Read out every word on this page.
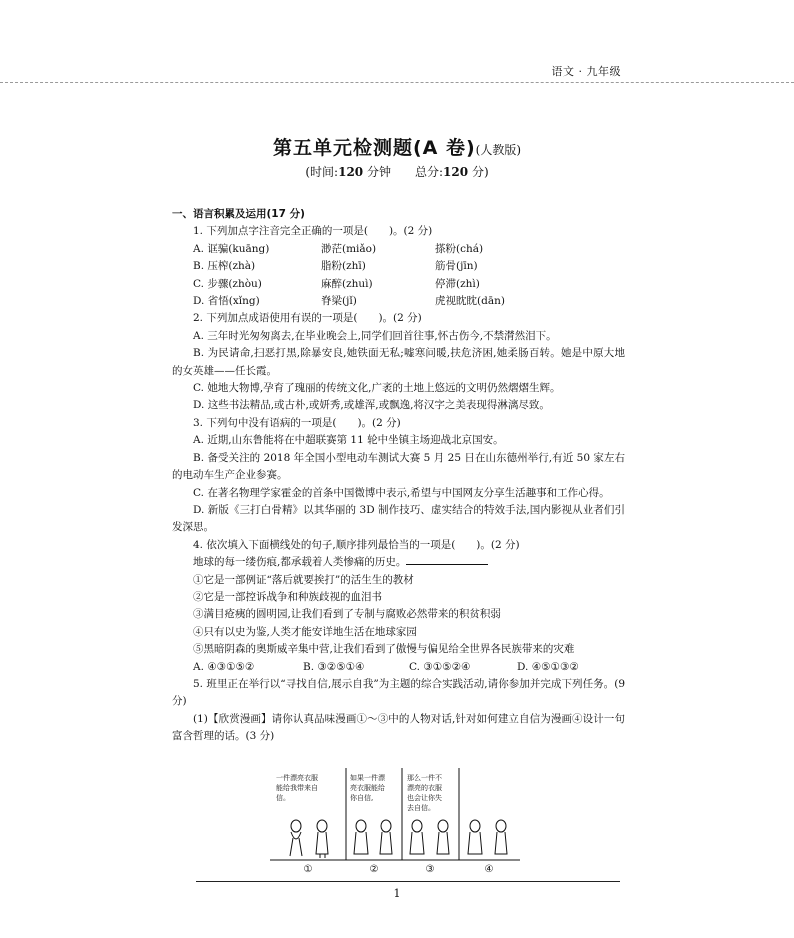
语文 · 九年级
第五单元检测题(A 卷)(人教版)
(时间:120 分钟   总分:120 分)
一、语言积累及运用(17 分)

1. 下列加点字注音完全正确的一项是(　　)。(2 分)

A. 诓骗(kuāng)	渺茫(miǎo)	搽粉(chá)
B. 压榨(zhà)	脂粉(zhī)	筋骨(jīn)
C. 步骤(zhòu)	麻醉(zhuì)	停滞(zhì)
D. 省悟(xǐng)	脊梁(jǐ)	虎视眈眈(dān)

2. 下列加点成语使用有误的一项是(　　)。(2 分)

A. 三年时光匆匆离去,在毕业晚会上,同学们回首往事,怀古伤今,不禁潸然泪下。

B. 为民请命,扫恶打黑,除暴安良,她铁面无私;嘘寒问暖,扶危济困,她柔肠百转。她是中原大地的女英雄——任长霞。

C. 她地大物博,孕育了瑰丽的传统文化,广袤的土地上悠远的文明仍然熠熠生辉。

D. 这些书法精品,或古朴,或妍秀,或雄浑,或飘逸,将汉字之美表现得淋漓尽致。

3. 下列句中没有语病的一项是(　　)。(2 分)

A. 近期,山东鲁能将在中超联赛第 11 轮中坐镇主场迎战北京国安。

B. 备受关注的 2018 年全国小型电动车测试大赛 5 月 25 日在山东德州举行,有近 50 家左右的电动车生产企业参赛。

C. 在著名物理学家霍金的首条中国微博中表示,希望与中国网友分享生活趣事和工作心得。

D. 新版《三打白骨精》以其华丽的 3D 制作技巧、虚实结合的特效手法,国内影视从业者们引发深思。

4. 依次填入下面横线处的句子,顺序排列最恰当的一项是(　　)。(2 分)

地球的每一缕伤痕,都承载着人类惨痛的历史。

①它是一部例证“落后就要挨打”的活生生的教材

②它是一部控诉战争和种族歧视的血泪书

③满目疮痍的圆明园,让我们看到了专制与腐败必然带来的积贫积弱

④只有以史为鉴,人类才能安详地生活在地球家园

⑤黑暗阴森的奥斯威辛集中营,让我们看到了傲慢与偏见给全世界各民族带来的灾难

A. ④③①⑤②	B. ③②⑤①④	C. ③①⑤②④	D. ④⑤①③②

5. 班里正在举行以“寻找自信,展示自我”为主题的综合实践活动,请你参加并完成下列任务。(9 分)

(1)【欣赏漫画】请你认真品味漫画①～③中的人物对话,针对如何建立自信为漫画④设计一句富含哲理的话。(3 分)

一件漂亮衣服
能给我带来自
信。
如果一件漂
亮衣服能给
你自信,
那么一件不
漂亮的衣服
也会让你失
去自信。
①	②	③	④
1
